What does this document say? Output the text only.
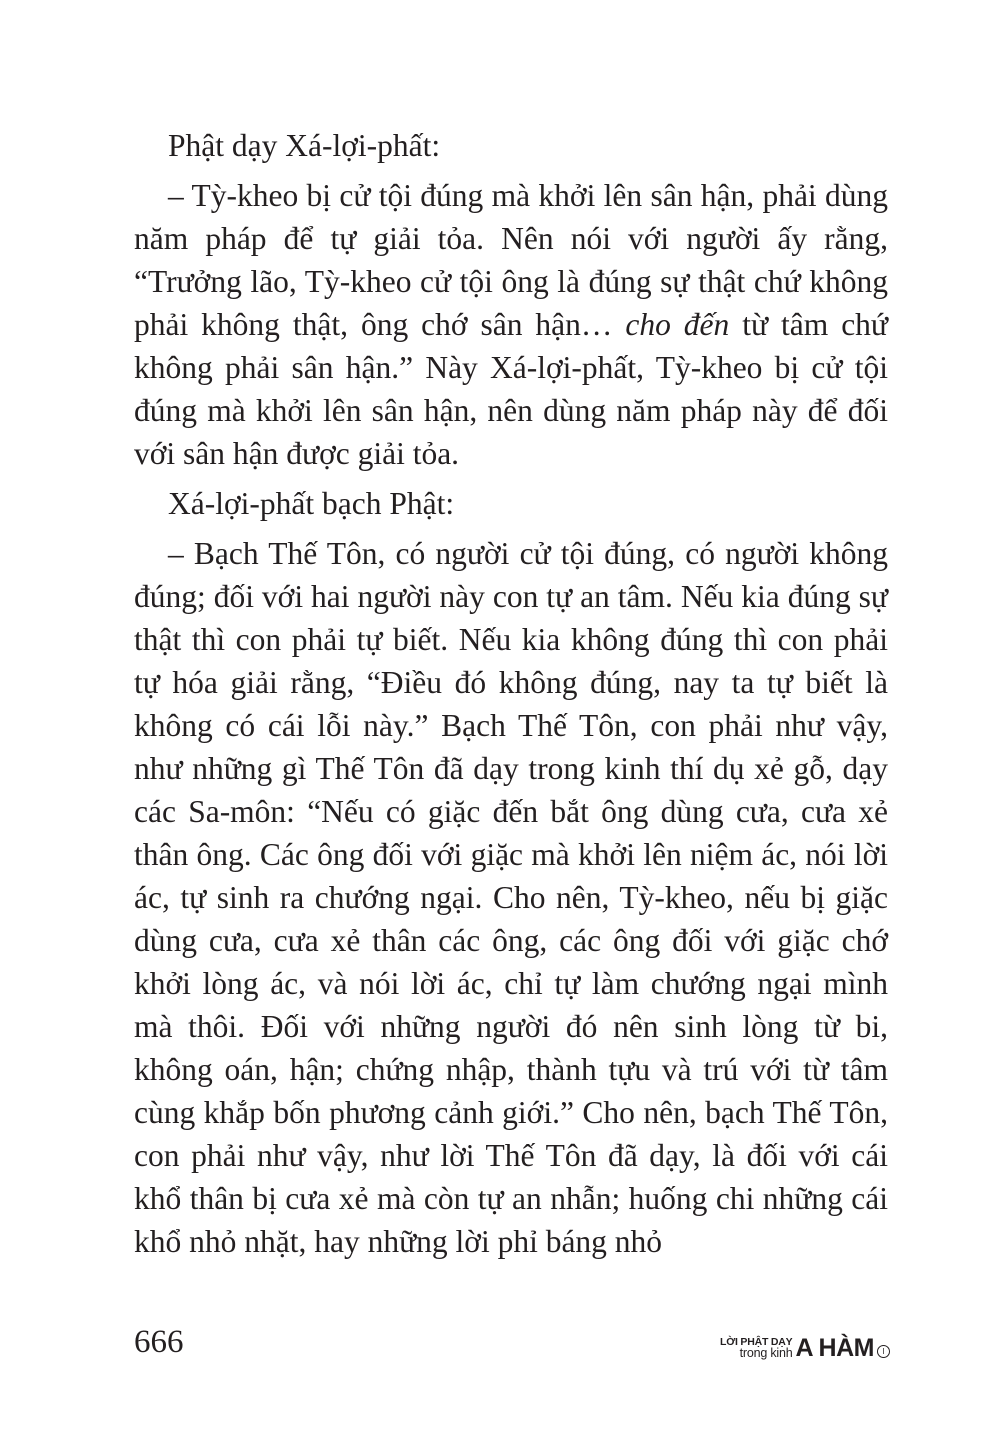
Phật dạy Xá-lợi-phất:

– Tỳ-kheo bị cử tội đúng mà khởi lên sân hận, phải dùng năm pháp để tự giải tỏa. Nên nói với người ấy rằng, “Trưởng lão, Tỳ-kheo cử tội ông là đúng sự thật chứ không phải không thật, ông chớ sân hận… cho đến từ tâm chứ không phải sân hận.” Này Xá-lợi-phất, Tỳ-kheo bị cử tội đúng mà khởi lên sân hận, nên dùng năm pháp này để đối với sân hận được giải tỏa.

Xá-lợi-phất bạch Phật:

– Bạch Thế Tôn, có người cử tội đúng, có người không đúng; đối với hai người này con tự an tâm. Nếu kia đúng sự thật thì con phải tự biết. Nếu kia không đúng thì con phải tự hóa giải rằng, “Điều đó không đúng, nay ta tự biết là không có cái lỗi này.” Bạch Thế Tôn, con phải như vậy, như những gì Thế Tôn đã dạy trong kinh thí dụ xẻ gỗ, dạy các Sa-môn: “Nếu có giặc đến bắt ông dùng cưa, cưa xẻ thân ông. Các ông đối với giặc mà khởi lên niệm ác, nói lời ác, tự sinh ra chướng ngại. Cho nên, Tỳ-kheo, nếu bị giặc dùng cưa, cưa xẻ thân các ông, các ông đối với giặc chớ khởi lòng ác, và nói lời ác, chỉ tự làm chướng ngại mình mà thôi. Đối với những người đó nên sinh lòng từ bi, không oán, hận; chứng nhập, thành tựu và trú với từ tâm cùng khắp bốn phương cảnh giới.” Cho nên, bạch Thế Tôn, con phải như vậy, như lời Thế Tôn đã dạy, là đối với cái khổ thân bị cưa xẻ mà còn tự an nhẫn; huống chi những cái khổ nhỏ nhặt, hay những lời phỉ báng nhỏ

666	LỜI PHẬT DẠY
trong kinh A HÀM	I
